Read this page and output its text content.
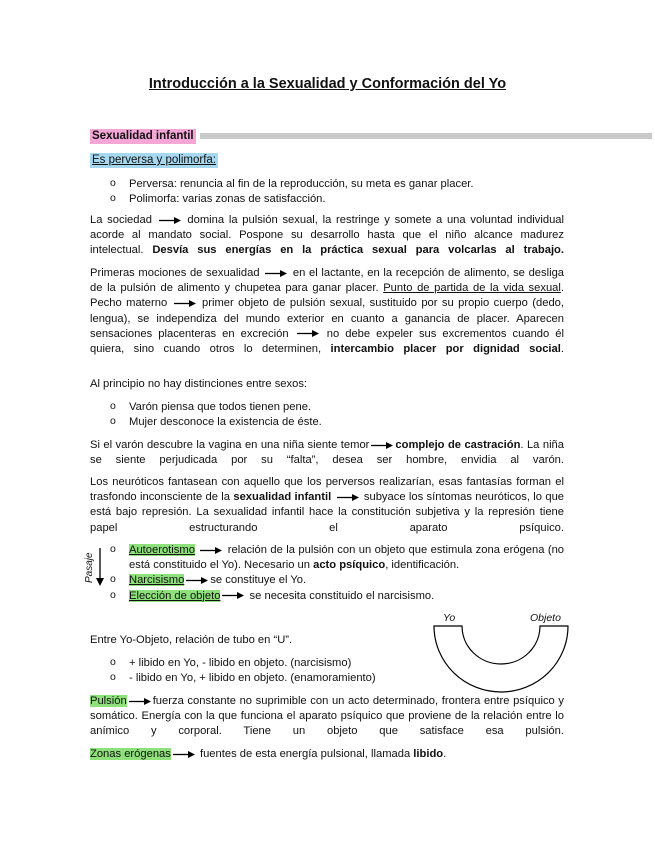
Introducción a la Sexualidad y Conformación del Yo
Sexualidad infantil
Es perversa y polimorfa:
o Perversa: renuncia al fin de la reproducción, su meta es ganar placer.
o Polimorfa: varias zonas de satisfacción.
La sociedad	domina la pulsión sexual, la restringe y somete a una voluntad individual acorde al mandato social. Pospone su desarrollo hasta que el niño alcance madurez intelectual. Desvía sus energías en la práctica sexual para volcarlas al trabajo.
Primeras mociones de sexualidad	en el lactante, en la recepción de alimento, se desliga de la pulsión de alimento y chupetea para ganar placer. Punto de partida de la vida sexual. Pecho materno	primer objeto de pulsión sexual, sustituido por su propio cuerpo (dedo, lengua), se independiza del mundo exterior en cuanto a ganancia de placer. Aparecen sensaciones placenteras en excreción	no debe expeler sus excrementos cuando él quiera, sino cuando otros lo determinen, intercambio placer por dignidad social.
Al principio no hay distinciones entre sexos:
o Varón piensa que todos tienen pene.
o Mujer desconoce la existencia de éste.
Si el varón descubre la vagina en una niña siente temor complejo de castración. La niña se siente perjudicada por su “falta”, desea ser hombre, envidia al varón.
Los neuróticos fantasean con aquello que los perversos realizarían, esas fantasías forman el trasfondo inconsciente de la sexualidad infantil	subyace los síntomas neuróticos, lo que está bajo represión. La sexualidad infantil hace la constitución subjetiva y la represión tiene papel estructurando el aparato psíquico.
Pasaje
o Autoerotismo	relación de la pulsión con un objeto que estimula zona erógena (no está constituido el Yo). Necesario un acto psíquico, identificación.
o Narcisismo se constituye el Yo.
o Elección de objeto	se necesita constituido el narcisismo.
Yo	Objeto
Entre Yo-Objeto, relación de tubo en “U”.
o + libido en Yo, - libido en objeto. (narcisismo)
o - libido en Yo, + libido en objeto. (enamoramiento)
Pulsión fuerza constante no suprimible con un acto determinado, frontera entre psíquico y somático. Energía con la que funciona el aparato psíquico que proviene de la relación entre lo anímico y corporal. Tiene un objeto que satisface esa pulsión.
Zonas erógenas	fuentes de esta energía pulsional, llamada libido.
